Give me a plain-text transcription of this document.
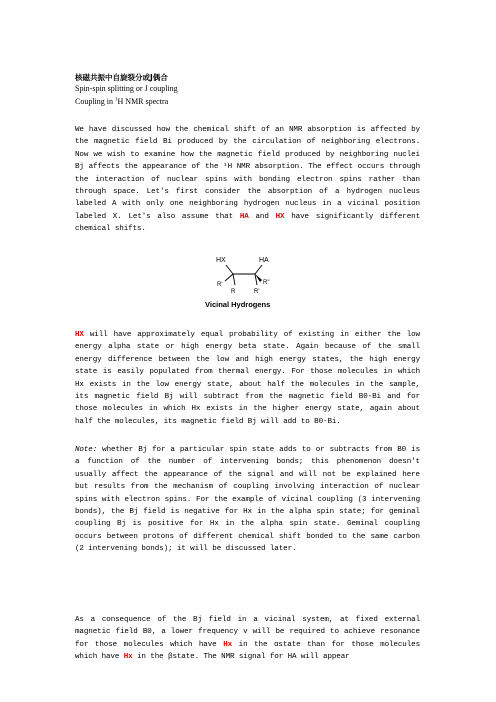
核磁共振中自旋裂分或J偶合
Spin-spin splitting or J coupling
Coupling in $^1$H NMR spectra
We have discussed how the chemical shift of an NMR absorption is affected by the magnetic field Bi produced by the circulation of neighboring electrons. Now we wish to examine how the magnetic field produced by neighboring nuclei Bj affects the appearance of the ¹H NMR absorption. The effect occurs through the interaction of nuclear spins with bonding electron spins rather than through space. Let's first consider the absorption of a hydrogen nucleus labeled A with only one neighboring hydrogen nucleus in a vicinal position labeled X. Let's also assume that HA and HX have significantly different chemical shifts.
HX	HA
R'
R	R'
R"
Vicinal Hydrogens
HX will have approximately equal probability of existing in either the low energy alpha state or high energy beta state. Again because of the small energy difference between the low and high energy states, the high energy state is easily populated from thermal energy. For those molecules in which Hx exists in the low energy state, about half the molecules in the sample, its magnetic field Bj will subtract from the magnetic field B0-Bi and for those molecules in which Hx exists in the higher energy state, again about half the molecules, its magnetic field Bj will add to B0-Bi.
Note: whether Bj for a particular spin state adds to or subtracts from B0 is a function of the number of intervening bonds; this phenomenon doesn't usually affect the appearance of the signal and will not be explained here but results from the mechanism of coupling involving interaction of nuclear spins with electron spins. For the example of vicinal coupling (3 intervening bonds), the Bj field is negative for Hx in the alpha spin state; for geminal coupling Bj is positive for Hx in the alpha spin state. Geminal coupling occurs between protons of different chemical shift bonded to the same carbon (2 intervening bonds); it will be discussed later.
As a consequence of the Bj field in a vicinal system, at fixed external magnetic field B0, a lower frequency v will be required to achieve resonance for those molecules which have Hx in the αstate than for those molecules which have Hx in the βstate. The NMR signal for HA will appear
